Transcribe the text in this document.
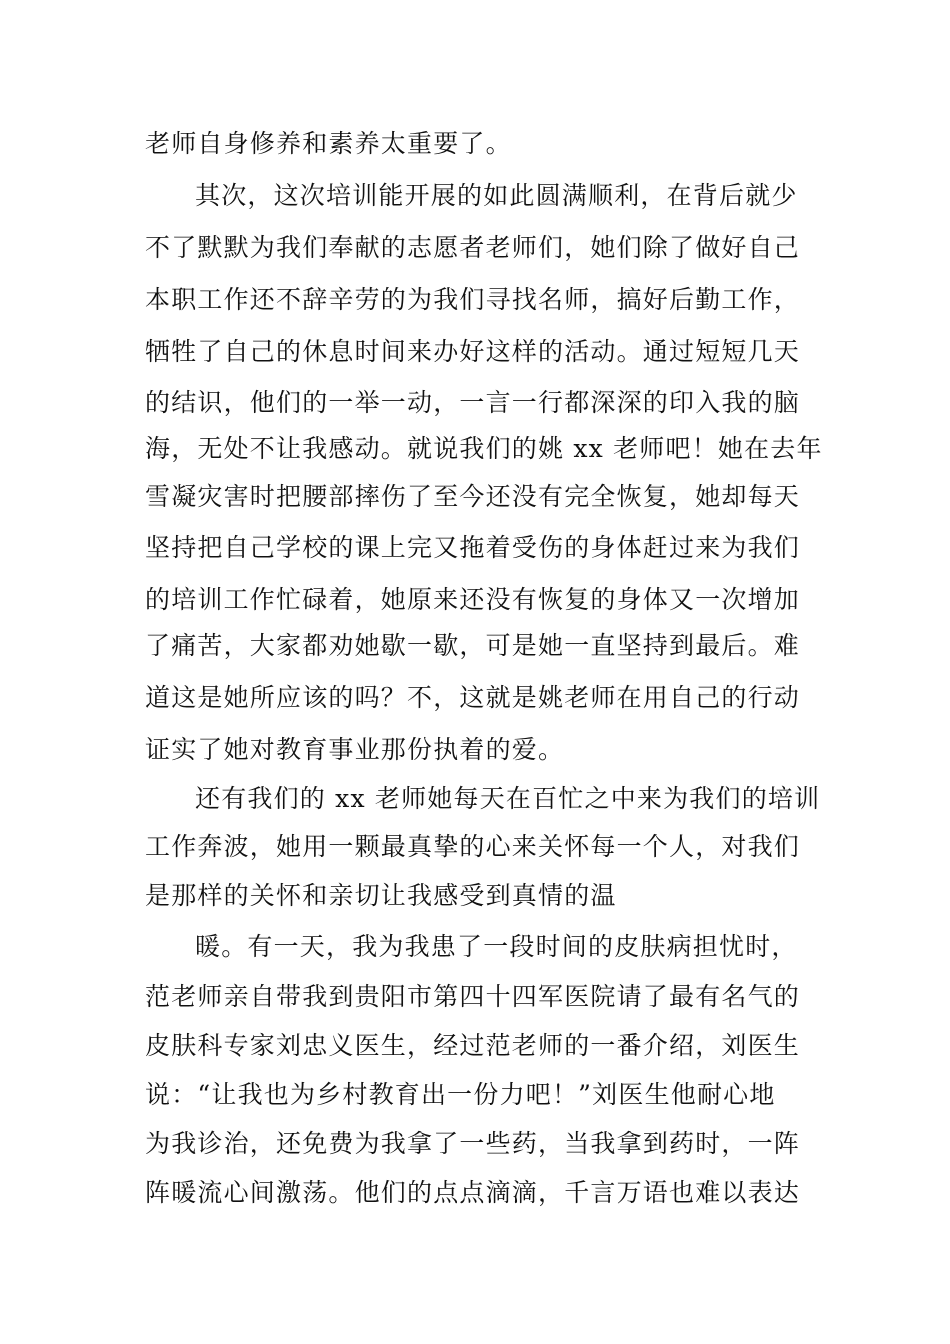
老师自身修养和素养太重要了。
其次，这次培训能开展的如此圆满顺利，在背后就少
不了默默为我们奉献的志愿者老师们，她们除了做好自己
本职工作还不辞辛劳的为我们寻找名师，搞好后勤工作，
牺牲了自己的休息时间来办好这样的活动。通过短短几天
的结识，他们的一举一动，一言一行都深深的印入我的脑
海，无处不让我感动。就说我们的姚 xx 老师吧！她在去年
雪凝灾害时把腰部摔伤了至今还没有完全恢复，她却每天
坚持把自己学校的课上完又拖着受伤的身体赶过来为我们
的培训工作忙碌着，她原来还没有恢复的身体又一次增加
了痛苦，大家都劝她歇一歇，可是她一直坚持到最后。难
道这是她所应该的吗？不，这就是姚老师在用自己的行动
证实了她对教育事业那份执着的爱。
还有我们的 xx 老师她每天在百忙之中来为我们的培训
工作奔波，她用一颗最真挚的心来关怀每一个人，对我们
是那样的关怀和亲切让我感受到真情的温
暖。有一天，我为我患了一段时间的皮肤病担忧时，
范老师亲自带我到贵阳市第四十四军医院请了最有名气的
皮肤科专家刘忠义医生，经过范老师的一番介绍，刘医生
说：“让我也为乡村教育出一份力吧！”刘医生他耐心地
为我诊治，还免费为我拿了一些药，当我拿到药时，一阵
阵暖流心间激荡。他们的点点滴滴，千言万语也难以表达
